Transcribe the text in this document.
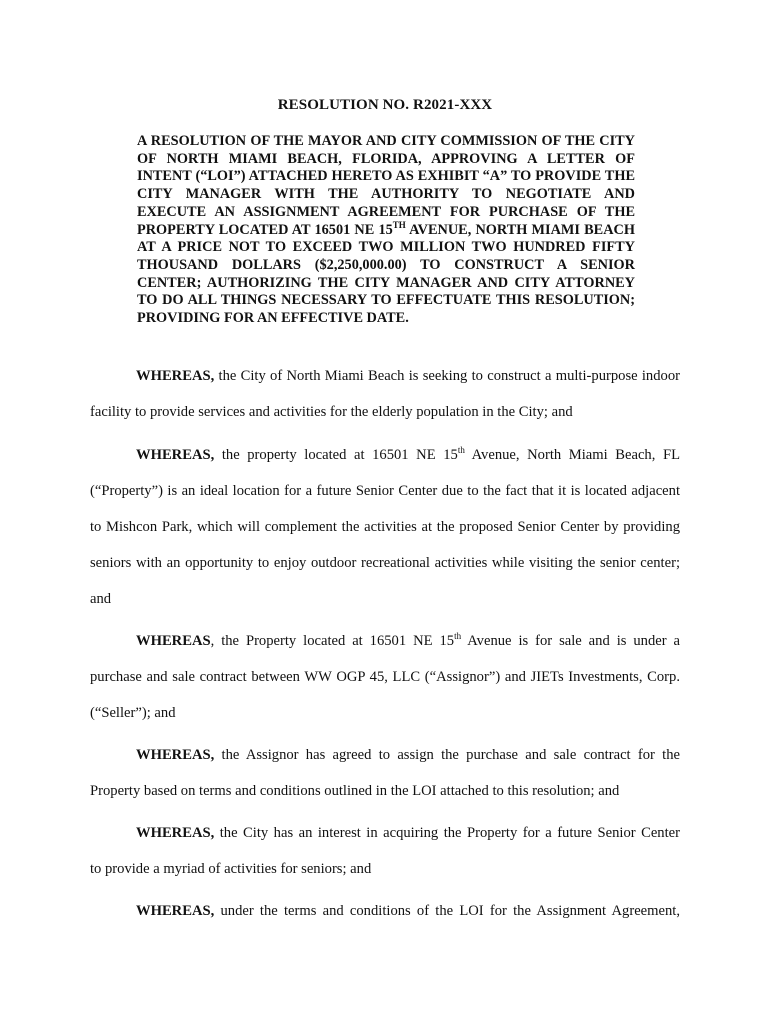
RESOLUTION NO. R2021-XXX
A RESOLUTION OF THE MAYOR AND CITY COMMISSION OF THE CITY OF NORTH MIAMI BEACH, FLORIDA, APPROVING A LETTER OF INTENT (“LOI”) ATTACHED HERETO AS EXHIBIT “A” TO PROVIDE THE CITY MANAGER WITH THE AUTHORITY TO NEGOTIATE AND EXECUTE AN ASSIGNMENT AGREEMENT FOR PURCHASE OF THE PROPERTY LOCATED AT 16501 NE 15TH AVENUE, NORTH MIAMI BEACH AT A PRICE NOT TO EXCEED TWO MILLION TWO HUNDRED FIFTY THOUSAND DOLLARS ($2,250,000.00) TO CONSTRUCT A SENIOR CENTER; AUTHORIZING THE CITY MANAGER AND CITY ATTORNEY TO DO ALL THINGS NECESSARY TO EFFECTUATE THIS RESOLUTION; PROVIDING FOR AN EFFECTIVE DATE.
WHEREAS, the City of North Miami Beach is seeking to construct a multi-purpose indoor
facility to provide services and activities for the elderly population in the City; and
WHEREAS, the property located at 16501 NE 15th Avenue, North Miami Beach, FL
(“Property”) is an ideal location for a future Senior Center due to the fact that it is located adjacent
to Mishcon Park, which will complement the activities at the proposed Senior Center by providing
seniors with an opportunity to enjoy outdoor recreational activities while visiting the senior center;
and
WHEREAS, the Property located at 16501 NE 15th Avenue is for sale and is under a
purchase and sale contract between WW OGP 45, LLC (“Assignor”) and JIETs Investments, Corp.
(“Seller”); and
WHEREAS, the Assignor has agreed to assign the purchase and sale contract for the
Property based on terms and conditions outlined in the LOI attached to this resolution; and
WHEREAS, the City has an interest in acquiring the Property for a future Senior Center
to provide a myriad of activities for seniors; and
WHEREAS, under the terms and conditions of the LOI for the Assignment Agreement,
